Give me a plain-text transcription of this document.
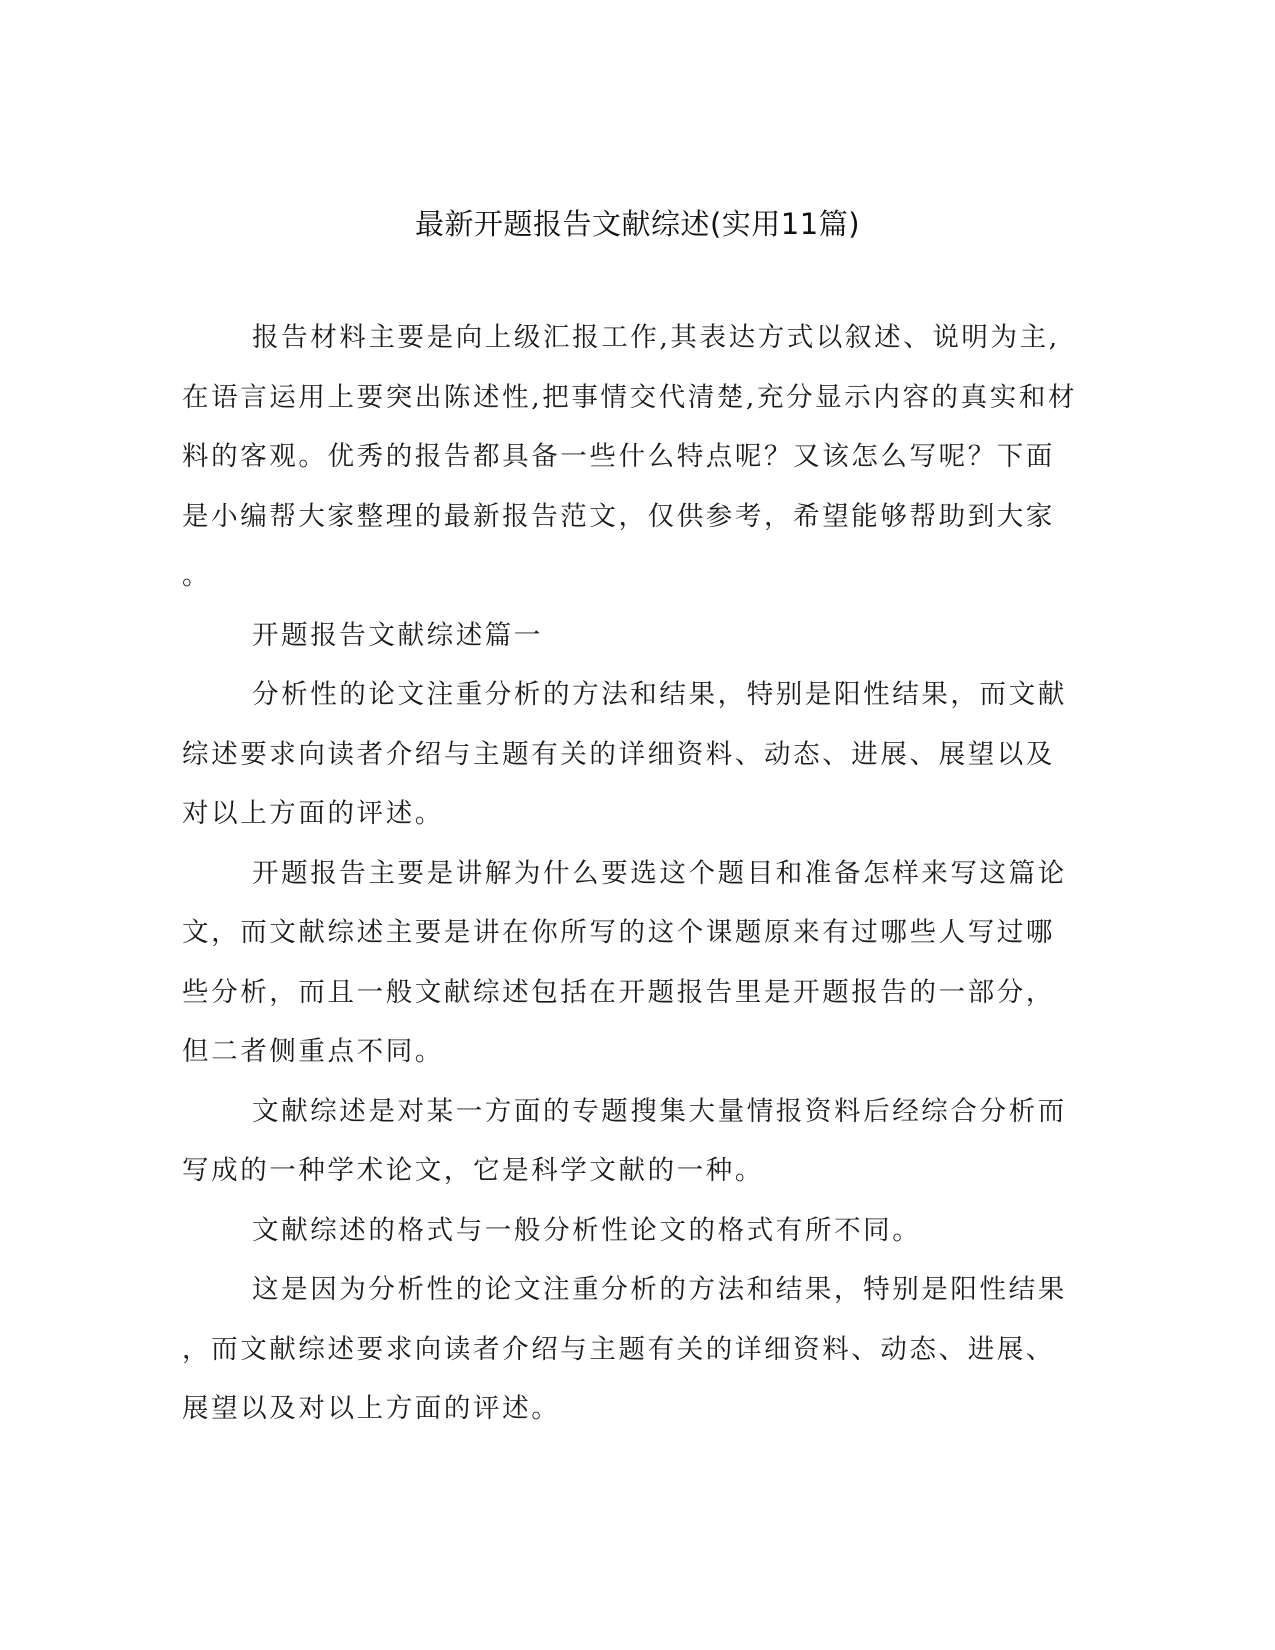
最新开题报告文献综述(实用11篇)
报告材料主要是向上级汇报工作,其表达方式以叙述、说明为主,
在语言运用上要突出陈述性,把事情交代清楚,充分显示内容的真实和材
料的客观。优秀的报告都具备一些什么特点呢？又该怎么写呢？下面
是小编帮大家整理的最新报告范文，仅供参考，希望能够帮助到大家
。
开题报告文献综述篇一
分析性的论文注重分析的方法和结果，特别是阳性结果，而文献
综述要求向读者介绍与主题有关的详细资料、动态、进展、展望以及
对以上方面的评述。
开题报告主要是讲解为什么要选这个题目和准备怎样来写这篇论
文，而文献综述主要是讲在你所写的这个课题原来有过哪些人写过哪
些分析，而且一般文献综述包括在开题报告里是开题报告的一部分，
但二者侧重点不同。
文献综述是对某一方面的专题搜集大量情报资料后经综合分析而
写成的一种学术论文，它是科学文献的一种。
文献综述的格式与一般分析性论文的格式有所不同。
这是因为分析性的论文注重分析的方法和结果，特别是阳性结果
，而文献综述要求向读者介绍与主题有关的详细资料、动态、进展、
展望以及对以上方面的评述。
